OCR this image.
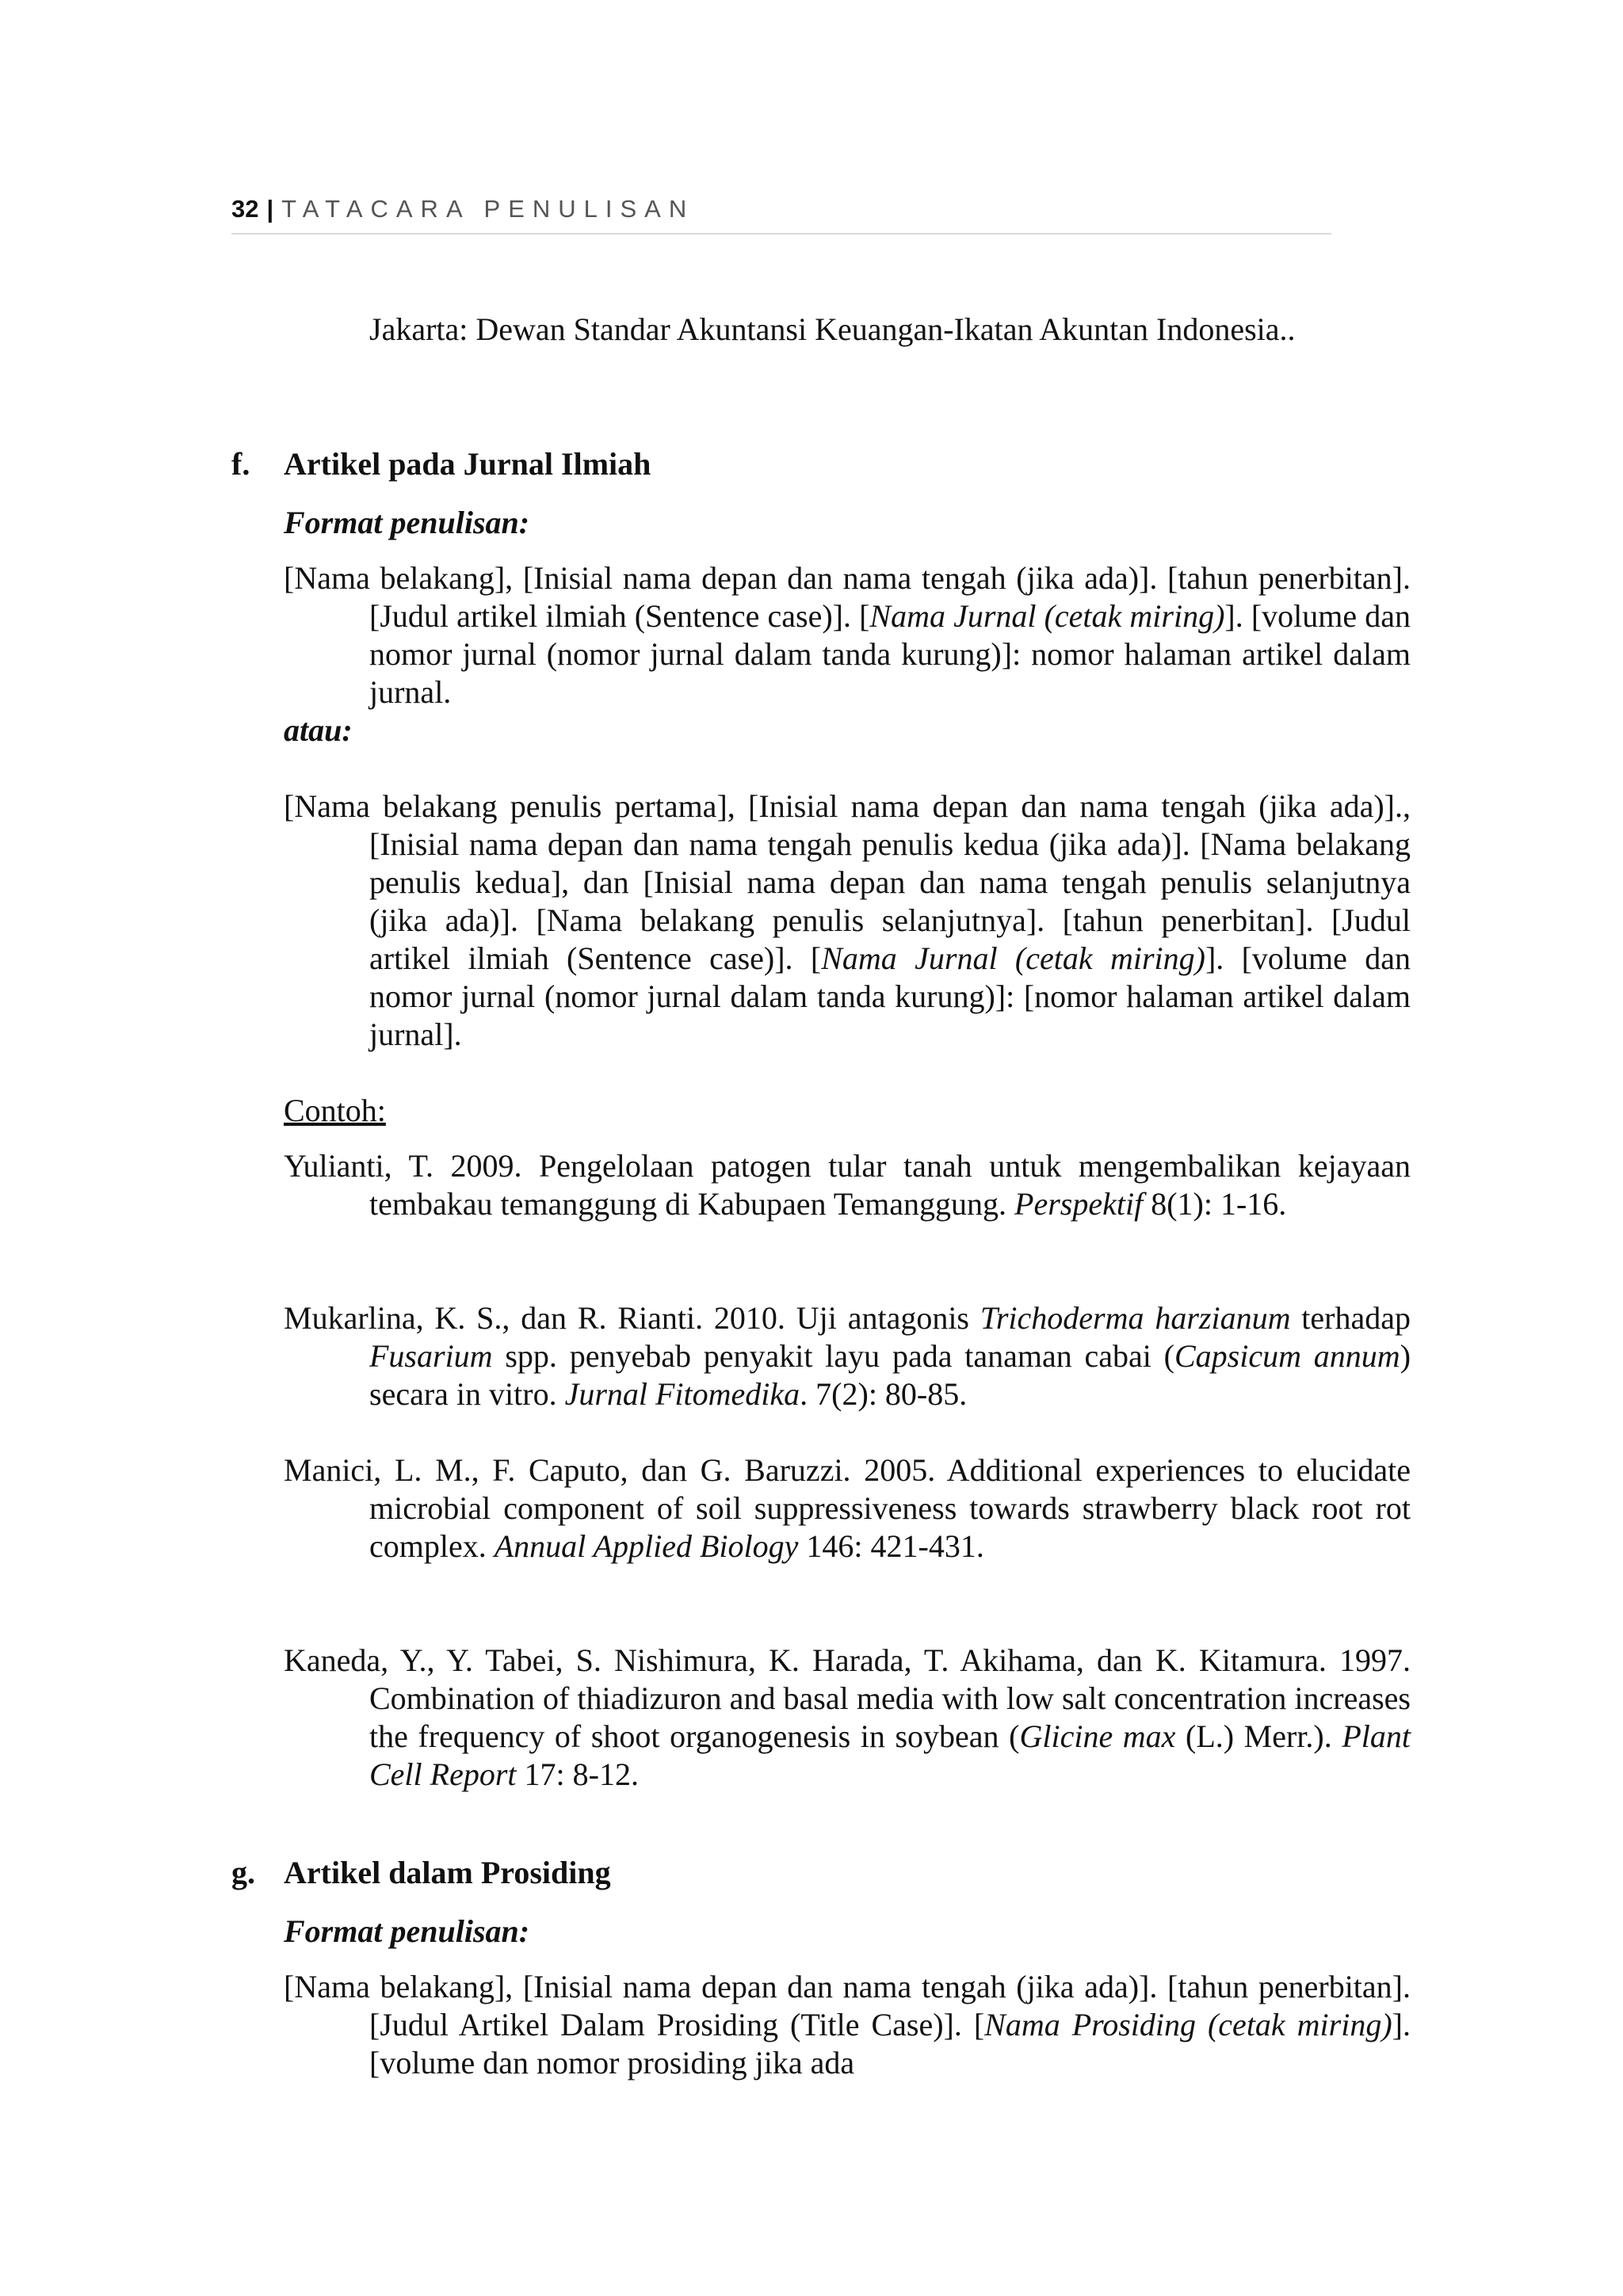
32 | TATACARA PENULISAN

Jakarta: Dewan Standar Akuntansi Keuangan-Ikatan Akuntan Indonesia..

f. Artikel pada Jurnal Ilmiah
Format penulisan:

[Nama belakang], [Inisial nama depan dan nama tengah (jika ada)]. [tahun penerbitan]. [Judul artikel ilmiah (Sentence case)]. [Nama Jurnal (cetak miring)]. [volume dan nomor jurnal (nomor jurnal dalam tanda kurung)]: nomor halaman artikel dalam jurnal.

atau:

[Nama belakang penulis pertama], [Inisial nama depan dan nama tengah (jika ada)]., [Inisial nama depan dan nama tengah penulis kedua (jika ada)]. [Nama belakang penulis kedua], dan [Inisial nama depan dan nama tengah penulis selanjutnya (jika ada)]. [Nama belakang penulis selanjutnya]. [tahun penerbitan]. [Judul artikel ilmiah (Sentence case)]. [Nama Jurnal (cetak miring)]. [volume dan nomor jurnal (nomor jurnal dalam tanda kurung)]: [nomor halaman artikel dalam jurnal].

Contoh:

Yulianti, T. 2009. Pengelolaan patogen tular tanah untuk mengembalikan kejayaan tembakau temanggung di Kabupaen Temanggung. Perspektif 8(1): 1-16.

Mukarlina, K. S., dan R. Rianti. 2010. Uji antagonis Trichoderma harzianum terhadap Fusarium spp. penyebab penyakit layu pada tanaman cabai (Capsicum annum) secara in vitro. Jurnal Fitomedika. 7(2): 80-85.

Manici, L. M., F. Caputo, dan G. Baruzzi. 2005. Additional experiences to elucidate microbial component of soil suppressiveness towards strawberry black root rot complex. Annual Applied Biology 146: 421-431.

Kaneda, Y., Y. Tabei, S. Nishimura, K. Harada, T. Akihama, dan K. Kitamura. 1997. Combination of thiadizuron and basal media with low salt concentration increases the frequency of shoot organogenesis in soybean (Glicine max (L.) Merr.). Plant Cell Report 17: 8-12.

g. Artikel dalam Prosiding
Format penulisan:

[Nama belakang], [Inisial nama depan dan nama tengah (jika ada)]. [tahun penerbitan]. [Judul Artikel Dalam Prosiding (Title Case)]. [Nama Prosiding (cetak miring)]. [volume dan nomor prosiding jika ada
